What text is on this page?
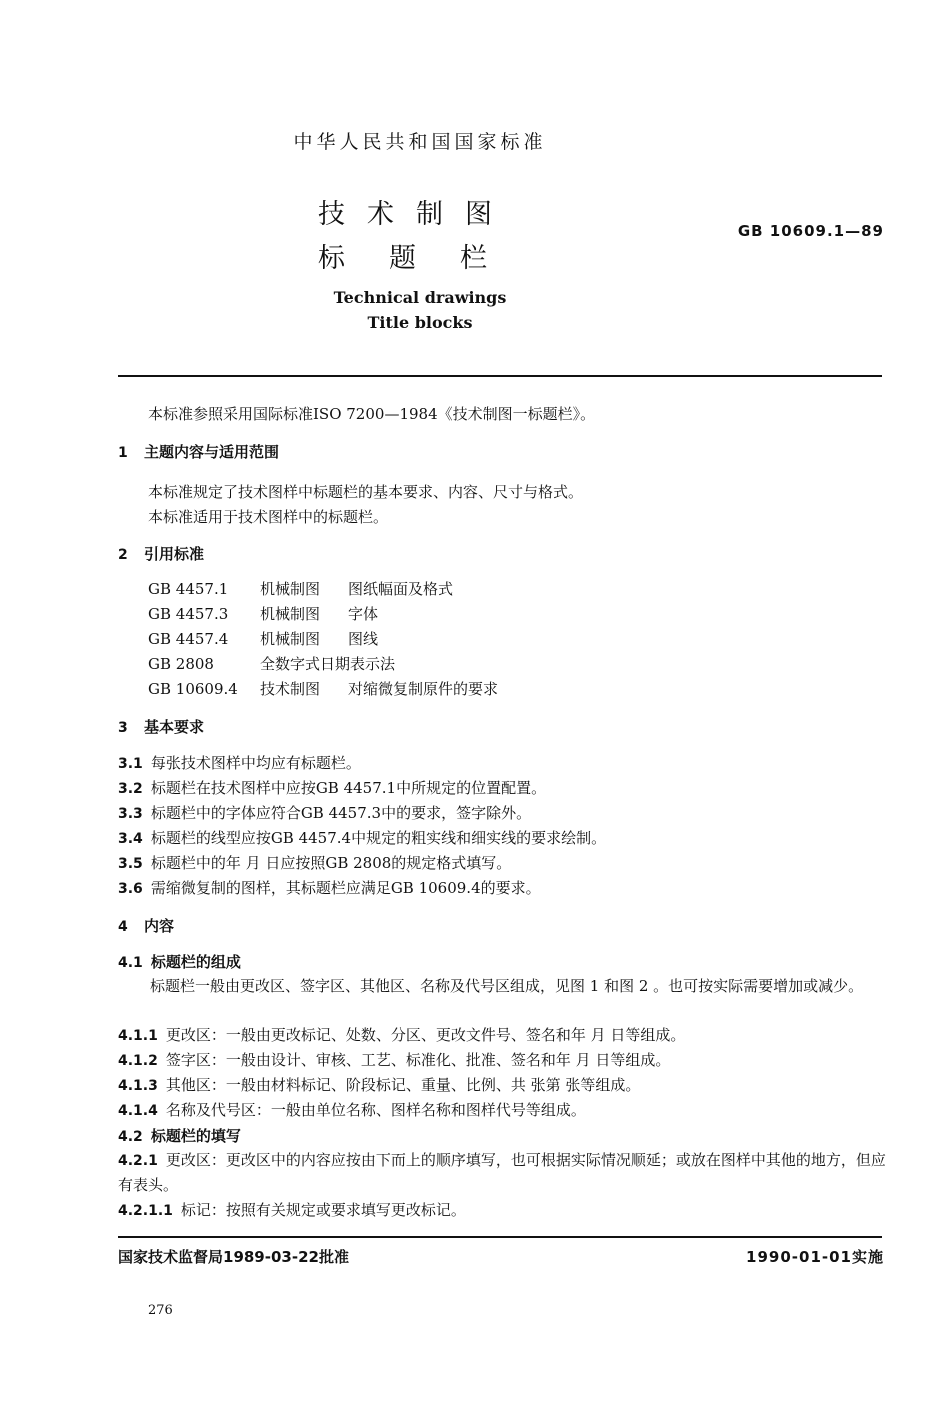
中华人民共和国国家标准
技术制图
标题栏
GB 10609.1—89
Technical drawings
Title blocks
本标准参照采用国际标准ISO 7200—1984《技术制图一标题栏》。
1 主题内容与适用范围
本标准规定了技术图样中标题栏的基本要求、内容、尺寸与格式。
本标准适用于技术图样中的标题栏。
2 引用标准
GB 4457.1 机械制图 图纸幅面及格式
GB 4457.3 机械制图 字体
GB 4457.4 机械制图 图线
GB 2808	全数字式日期表示法
GB 10609.4 技术制图 对缩微复制原件的要求
3 基本要求
3.1 每张技术图样中均应有标题栏。
3.2 标题栏在技术图样中应按GB 4457.1中所规定的位置配置。
3.3 标题栏中的字体应符合GB 4457.3中的要求，签字除外。
3.4 标题栏的线型应按GB 4457.4中规定的粗实线和细实线的要求绘制。
3.5 标题栏中的年 月 日应按照GB 2808的规定格式填写。
3.6 需缩微复制的图样，其标题栏应满足GB 10609.4的要求。
4 内容
4.1 标题栏的组成
标题栏一般由更改区、签字区、其他区、名称及代号区组成，见图 1 和图 2 。也可按实际需要增加或减少。
4.1.1 更改区：一般由更改标记、处数、分区、更改文件号、签名和年 月 日等组成。
4.1.2 签字区：一般由设计、审核、工艺、标准化、批准、签名和年 月 日等组成。
4.1.3 其他区：一般由材料标记、阶段标记、重量、比例、共 张第 张等组成。
4.1.4 名称及代号区：一般由单位名称、图样名称和图样代号等组成。
4.2 标题栏的填写
4.2.1 更改区：更改区中的内容应按由下而上的顺序填写，也可根据实际情况顺延；或放在图样中其他的地方，但应有表头。
4.2.1.1 标记：按照有关规定或要求填写更改标记。
国家技术监督局1989-03-22批准	1990-01-01实施
276
